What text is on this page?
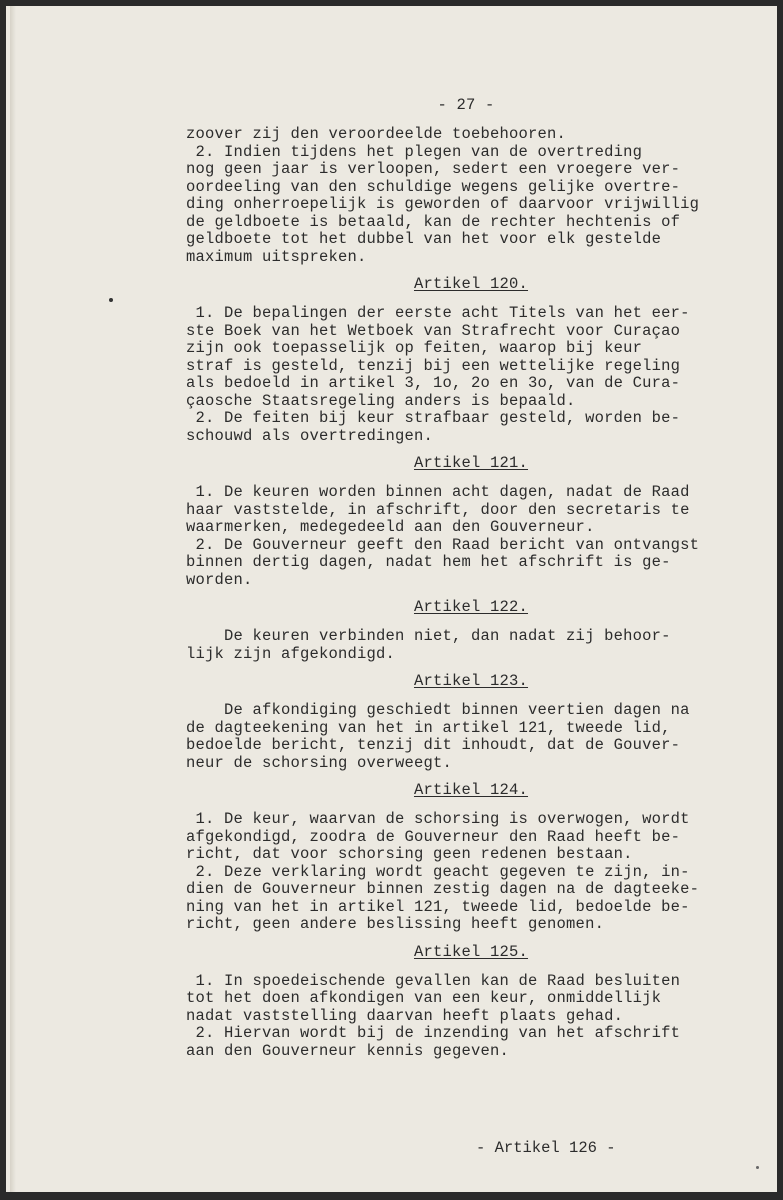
- 27 -
zoover zij den veroordeelde toebehooren.
2. Indien tijdens het plegen van de overtreding
nog geen jaar is verloopen, sedert een vroegere ver-
oordeeling van den schuldige wegens gelijke overtre-
ding onherroepelijk is geworden of daarvoor vrijwillig
de geldboete is betaald, kan de rechter hechtenis of
geldboete tot het dubbel van het voor elk gestelde
maximum uitspreken.
Artikel 120.
1. De bepalingen der eerste acht Titels van het eer-
ste Boek van het Wetboek van Strafrecht voor Curaçao
zijn ook toepasselijk op feiten, waarop bij keur
straf is gesteld, tenzij bij een wettelijke regeling
als bedoeld in artikel 3, 1o, 2o en 3o, van de Cura-
çaosche Staatsregeling anders is bepaald.
2. De feiten bij keur strafbaar gesteld, worden be-
schouwd als overtredingen.
Artikel 121.
1. De keuren worden binnen acht dagen, nadat de Raad
haar vaststelde, in afschrift, door den secretaris te
waarmerken, medegedeeld aan den Gouverneur.
2. De Gouverneur geeft den Raad bericht van ontvangst
binnen dertig dagen, nadat hem het afschrift is ge-
worden.
Artikel 122.
De keuren verbinden niet, dan nadat zij behoor-
lijk zijn afgekondigd.
Artikel 123.
De afkondiging geschiedt binnen veertien dagen na
de dagteekening van het in artikel 121, tweede lid,
bedoelde bericht, tenzij dit inhoudt, dat de Gouver-
neur de schorsing overweegt.
Artikel 124.
1. De keur, waarvan de schorsing is overwogen, wordt
afgekondigd, zoodra de Gouverneur den Raad heeft be-
richt, dat voor schorsing geen redenen bestaan.
2. Deze verklaring wordt geacht gegeven te zijn, in-
dien de Gouverneur binnen zestig dagen na de dagteeke-
ning van het in artikel 121, tweede lid, bedoelde be-
richt, geen andere beslissing heeft genomen.
Artikel 125.
1. In spoedeischende gevallen kan de Raad besluiten
tot het doen afkondigen van een keur, onmiddellijk
nadat vaststelling daarvan heeft plaats gehad.
2. Hiervan wordt bij de inzending van het afschrift
aan den Gouverneur kennis gegeven.
- Artikel 126 -
